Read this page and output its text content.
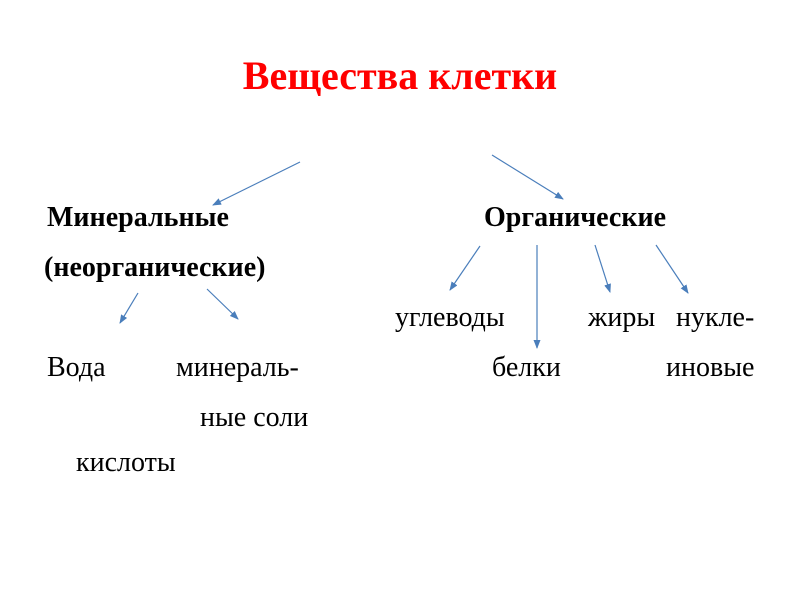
Вещества клетки
Минеральные
(неорганические)
Вода	минераль-
ные соли
кислоты
Органические
углеводы	жиры нукле-
белки	иновые
